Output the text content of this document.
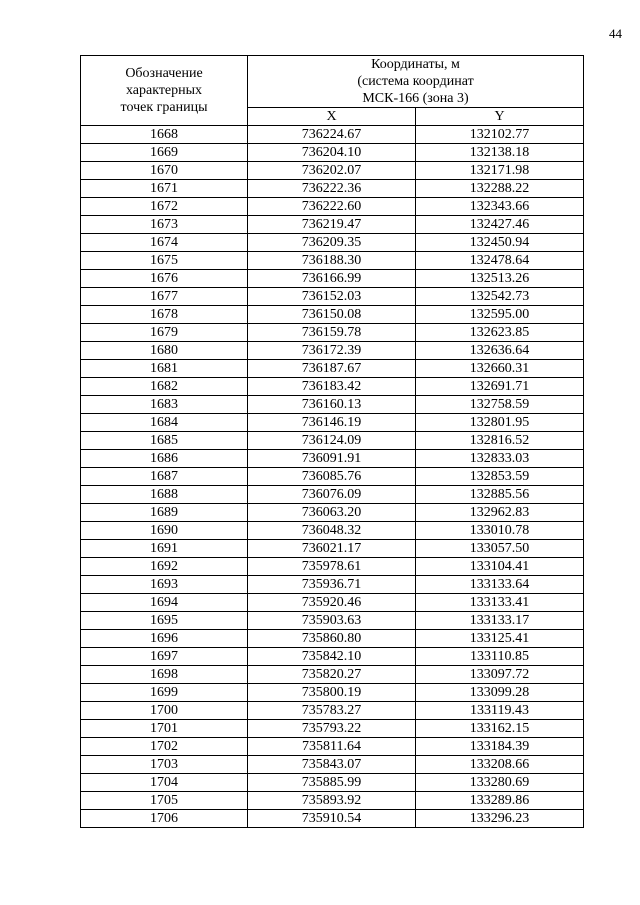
44
Обозначение
характерных
точек границы	Координаты, м
(система координат
МСК-166 (зона 3)	

	X	Y
1668	736224.67	132102.77
1669	736204.10	132138.18
1670	736202.07	132171.98
1671	736222.36	132288.22
1672	736222.60	132343.66
1673	736219.47	132427.46
1674	736209.35	132450.94
1675	736188.30	132478.64
1676	736166.99	132513.26
1677	736152.03	132542.73
1678	736150.08	132595.00
1679	736159.78	132623.85
1680	736172.39	132636.64
1681	736187.67	132660.31
1682	736183.42	132691.71
1683	736160.13	132758.59
1684	736146.19	132801.95
1685	736124.09	132816.52
1686	736091.91	132833.03
1687	736085.76	132853.59
1688	736076.09	132885.56
1689	736063.20	132962.83
1690	736048.32	133010.78
1691	736021.17	133057.50
1692	735978.61	133104.41
1693	735936.71	133133.64
1694	735920.46	133133.41
1695	735903.63	133133.17
1696	735860.80	133125.41
1697	735842.10	133110.85
1698	735820.27	133097.72
1699	735800.19	133099.28
1700	735783.27	133119.43
1701	735793.22	133162.15
1702	735811.64	133184.39
1703	735843.07	133208.66
1704	735885.99	133280.69
1705	735893.92	133289.86
1706	735910.54	133296.23
